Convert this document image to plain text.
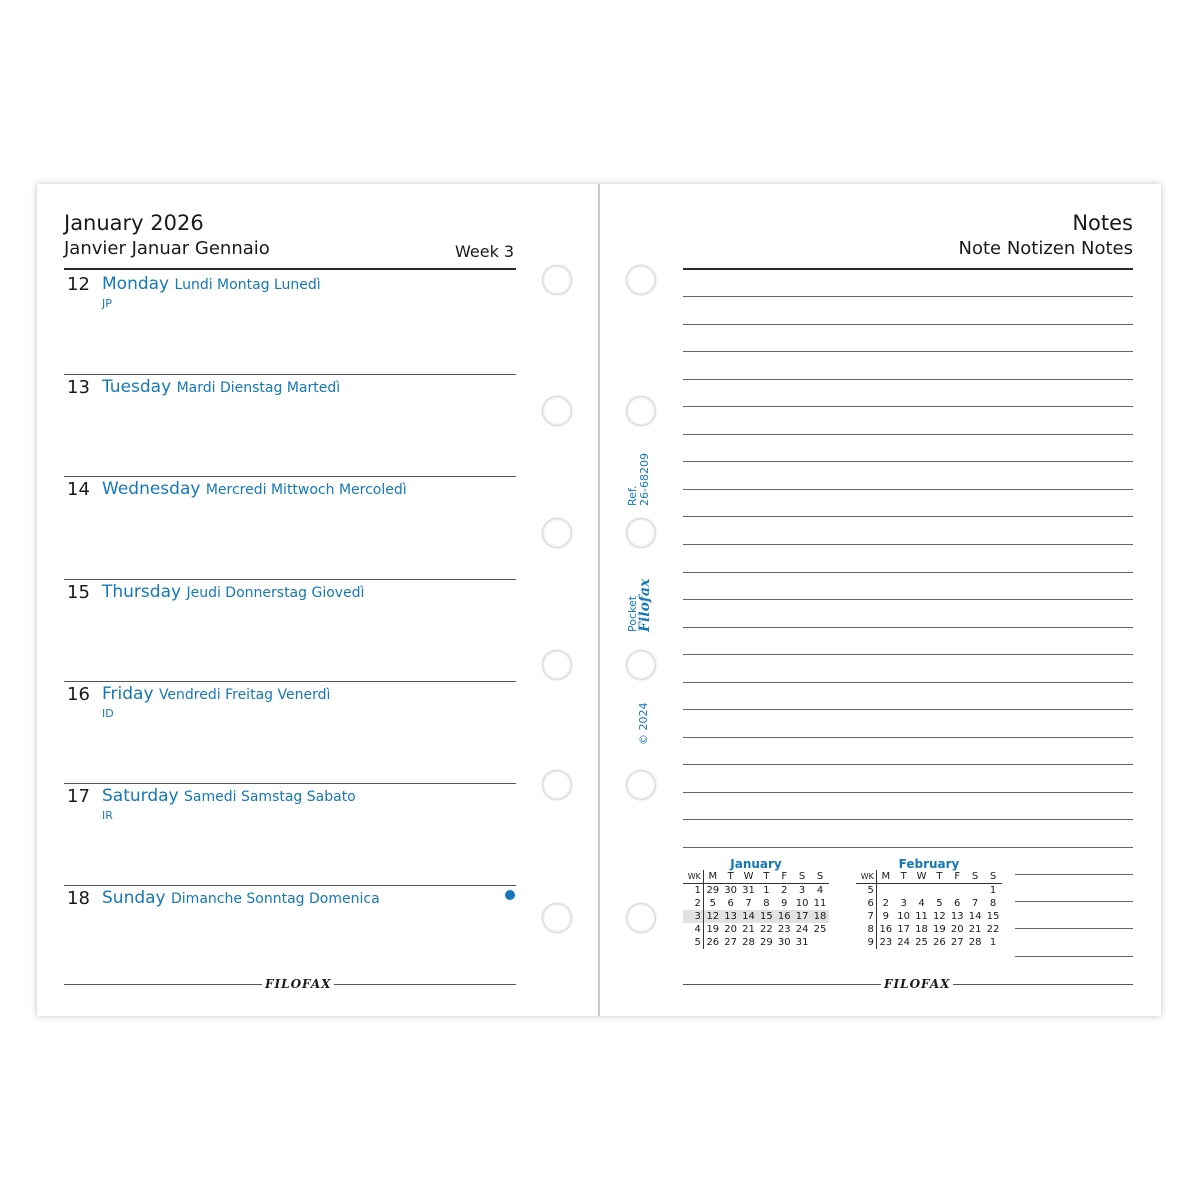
January 2026
Janvier Januar Gennaio	Week 3
12 Monday Lundi Montag Lunedì
JP
13 Tuesday Mardi Dienstag Martedì
14 Wednesday Mercredi Mittwoch Mercoledì
15 Thursday Jeudi Donnerstag Giovedì
16 Friday Vendredi Freitag Venerdì
ID
17 Saturday Samedi Samstag Sabato
IR
18 Sunday Dimanche Sonntag Domenica
FILOFAX
Ref. 26-68209
Pocket
Filofax
© 2024
Notes
Note Notizen Notes
January
WK	M	T	W	T	F	S	S
1	29	30	31	1	2	3	4
2	5	6	7	8	9	10	11
3	12	13	14	15	16	17	18
4	19	20	21	22	23	24	25
5	26	27	28	29	30	31	
February
WK	M	T	W	T	F	S	S
5							1
6	2	3	4	5	6	7	8
7	9	10	11	12	13	14	15
8	16	17	18	19	20	21	22
9	23	24	25	26	27	28	1
FILOFAX
